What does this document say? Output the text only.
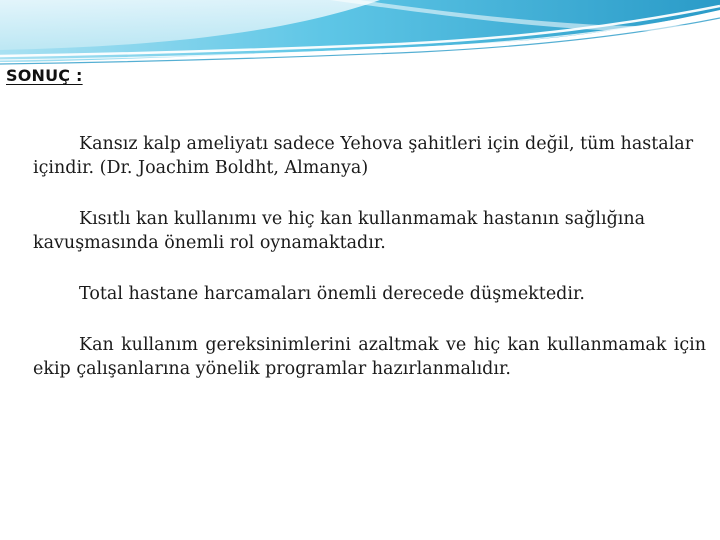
SONUÇ :

Kansız kalp ameliyatı sadece Yehova şahitleri için değil, tüm hastalar içindir. (Dr. Joachim Boldht, Almanya)

Kısıtlı kan kullanımı ve hiç kan kullanmamak hastanın sağlığına kavuşmasında önemli rol oynamaktadır.

Total hastane harcamaları önemli derecede düşmektedir.

Kan kullanım gereksinimlerini azaltmak ve hiç kan kullanmamak için ekip çalışanlarına yönelik programlar hazırlanmalıdır.
